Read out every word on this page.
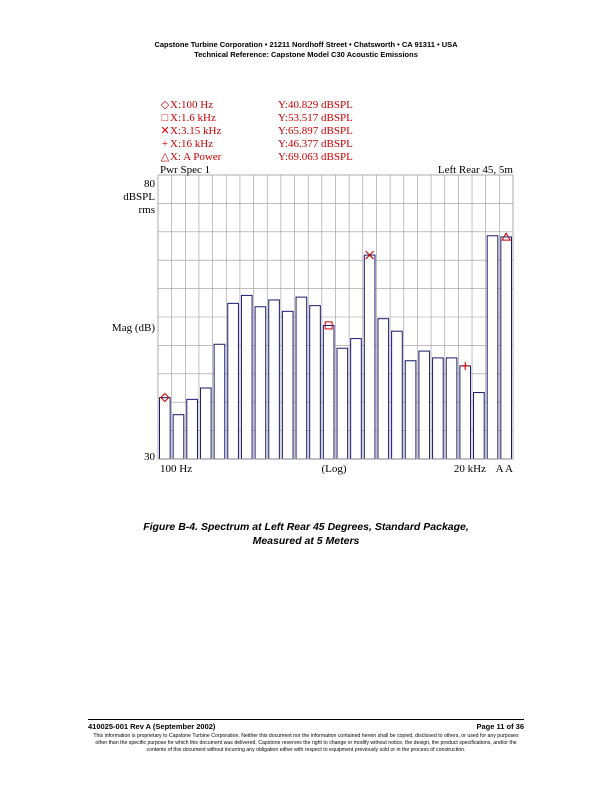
Capstone Turbine Corporation • 21211 Nordhoff Street • Chatsworth • CA 91311 • USA
Technical Reference: Capstone Model C30 Acoustic Emissions
◇ X:100 Hz	Y:40.829 dBSPL
□ X:1.6 kHz	Y:53.517 dBSPL
✕ X:3.15 kHz	Y:65.897 dBSPL
+ X:16 kHz	Y:46.377 dBSPL
△ X: A Power	Y:69.063 dBSPL
Pwr Spec 1	Left Rear 45, 5m
80
dBSPL
rms
Mag (dB)
30
100 Hz	(Log)	20 kHz A A
Figure B-4. Spectrum at Left Rear 45 Degrees, Standard Package,
Measured at 5 Meters
410025-001 Rev A (September 2002)	Page 11 of 36
This information is proprietary to Capstone Turbine Corporation. Neither this document nor the information contained herein shall be copied, disclosed to others, or used for any purposes other than the specific purpose for which this document was delivered. Capstone reserves the right to change or modify without notice, the design, the product specifications, and/or the contents of this document without incurring any obligation either with respect to equipment previously sold or in the process of construction.
